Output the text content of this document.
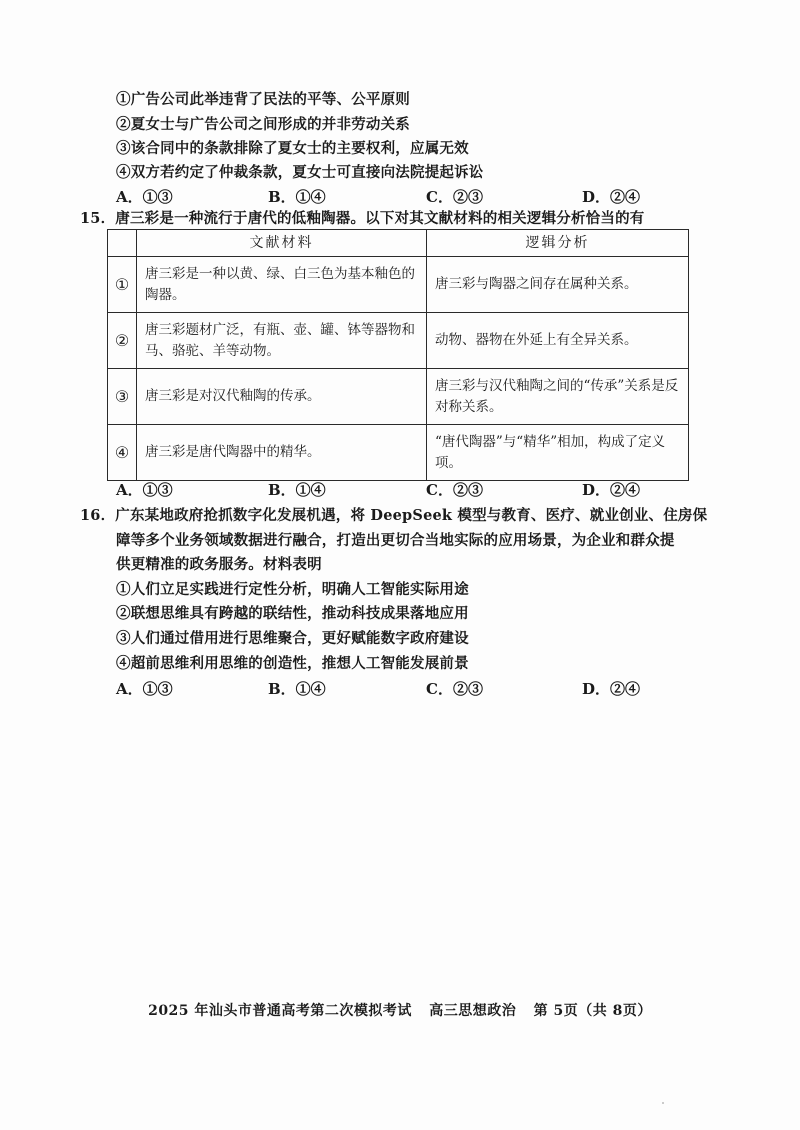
①广告公司此举违背了民法的平等、公平原则
②夏女士与广告公司之间形成的并非劳动关系
③该合同中的条款排除了夏女士的主要权利，应属无效
④双方若约定了仲裁条款，夏女士可直接向法院提起诉讼
A．①③	B．①④	C．②③	D．②④
15．唐三彩是一种流行于唐代的低釉陶器。以下对其文献材料的相关逻辑分析恰当的有
	文献材料	逻辑分析
①	唐三彩是一种以黄、绿、白三色为基本釉色的陶器。	唐三彩与陶器之间存在属种关系。
②	唐三彩题材广泛，有瓶、壶、罐、钵等器物和马、骆驼、羊等动物。	动物、器物在外延上有全异关系。
③	唐三彩是对汉代釉陶的传承。	唐三彩与汉代釉陶之间的“传承”关系是反对称关系。
④	唐三彩是唐代陶器中的精华。	“唐代陶器”与“精华”相加，构成了定义项。
A．①③	B．①④	C．②③	D．②④
16．广东某地政府抢抓数字化发展机遇，将 DeepSeek 模型与教育、医疗、就业创业、住房保
障等多个业务领域数据进行融合，打造出更切合当地实际的应用场景，为企业和群众提
供更精准的政务服务。材料表明
①人们立足实践进行定性分析，明确人工智能实际用途
②联想思维具有跨越的联结性，推动科技成果落地应用
③人们通过借用进行思维聚合，更好赋能数字政府建设
④超前思维利用思维的创造性，推想人工智能发展前景
A．①③	B．①④	C．②③	D．②④
2025 年汕头市普通高考第二次模拟考试 高三思想政治 第 5页（共 8页）
